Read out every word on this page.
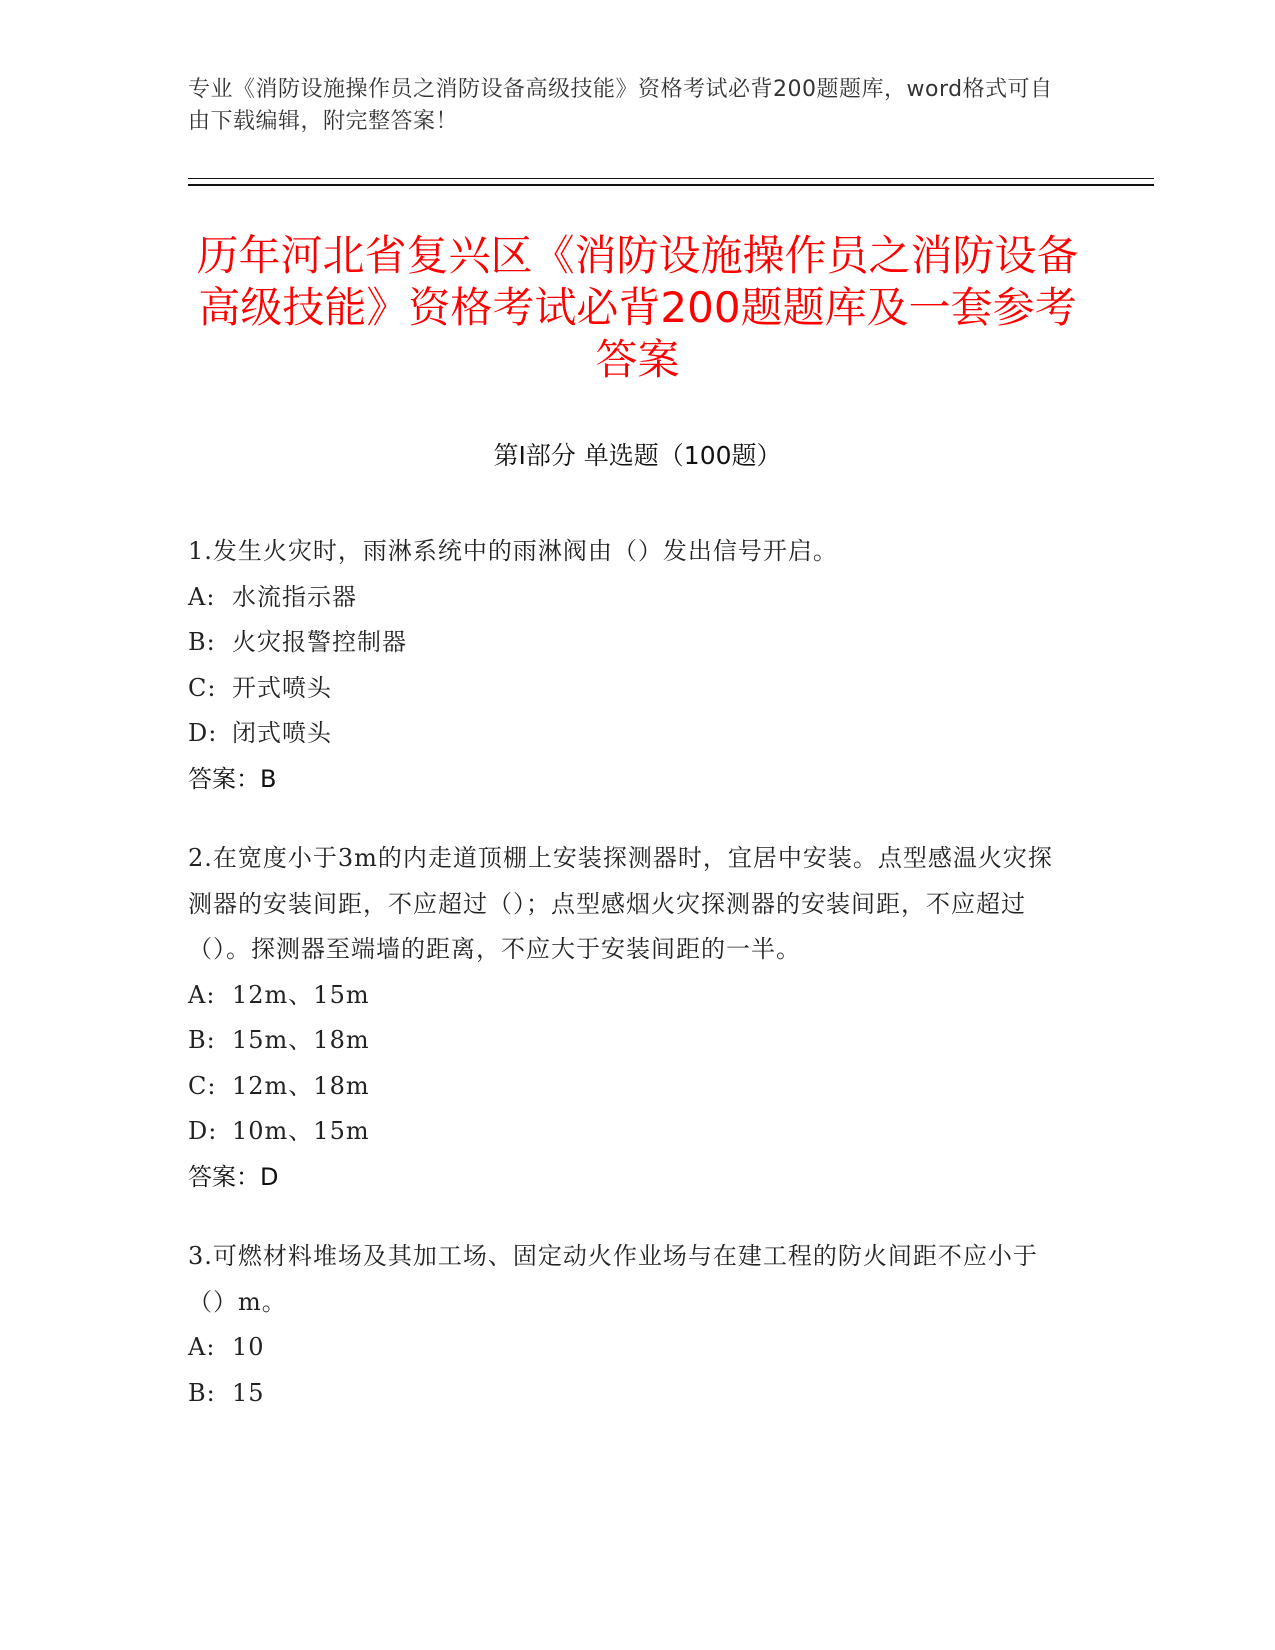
专业《消防设施操作员之消防设备高级技能》资格考试必背200题题库，word格式可自由下载编辑，附完整答案！
历年河北省复兴区《消防设施操作员之消防设备高级技能》资格考试必背200题题库及一套参考答案
第I部分 单选题（100题）
1.发生火灾时，雨淋系统中的雨淋阀由（）发出信号开启。
A: 水流指示器
B: 火灾报警控制器
C: 开式喷头
D: 闭式喷头
答案：B
2.在宽度小于3m的内走道顶棚上安装探测器时，宜居中安装。点型感温火灾探测器的安装间距，不应超过（）；点型感烟火灾探测器的安装间距，不应超过（）。探测器至端墙的距离，不应大于安装间距的一半。
A: 12m、15m
B: 15m、18m
C: 12m、18m
D: 10m、15m
答案：D
3.可燃材料堆场及其加工场、固定动火作业场与在建工程的防火间距不应小于（）m。
A: 10
B: 15
